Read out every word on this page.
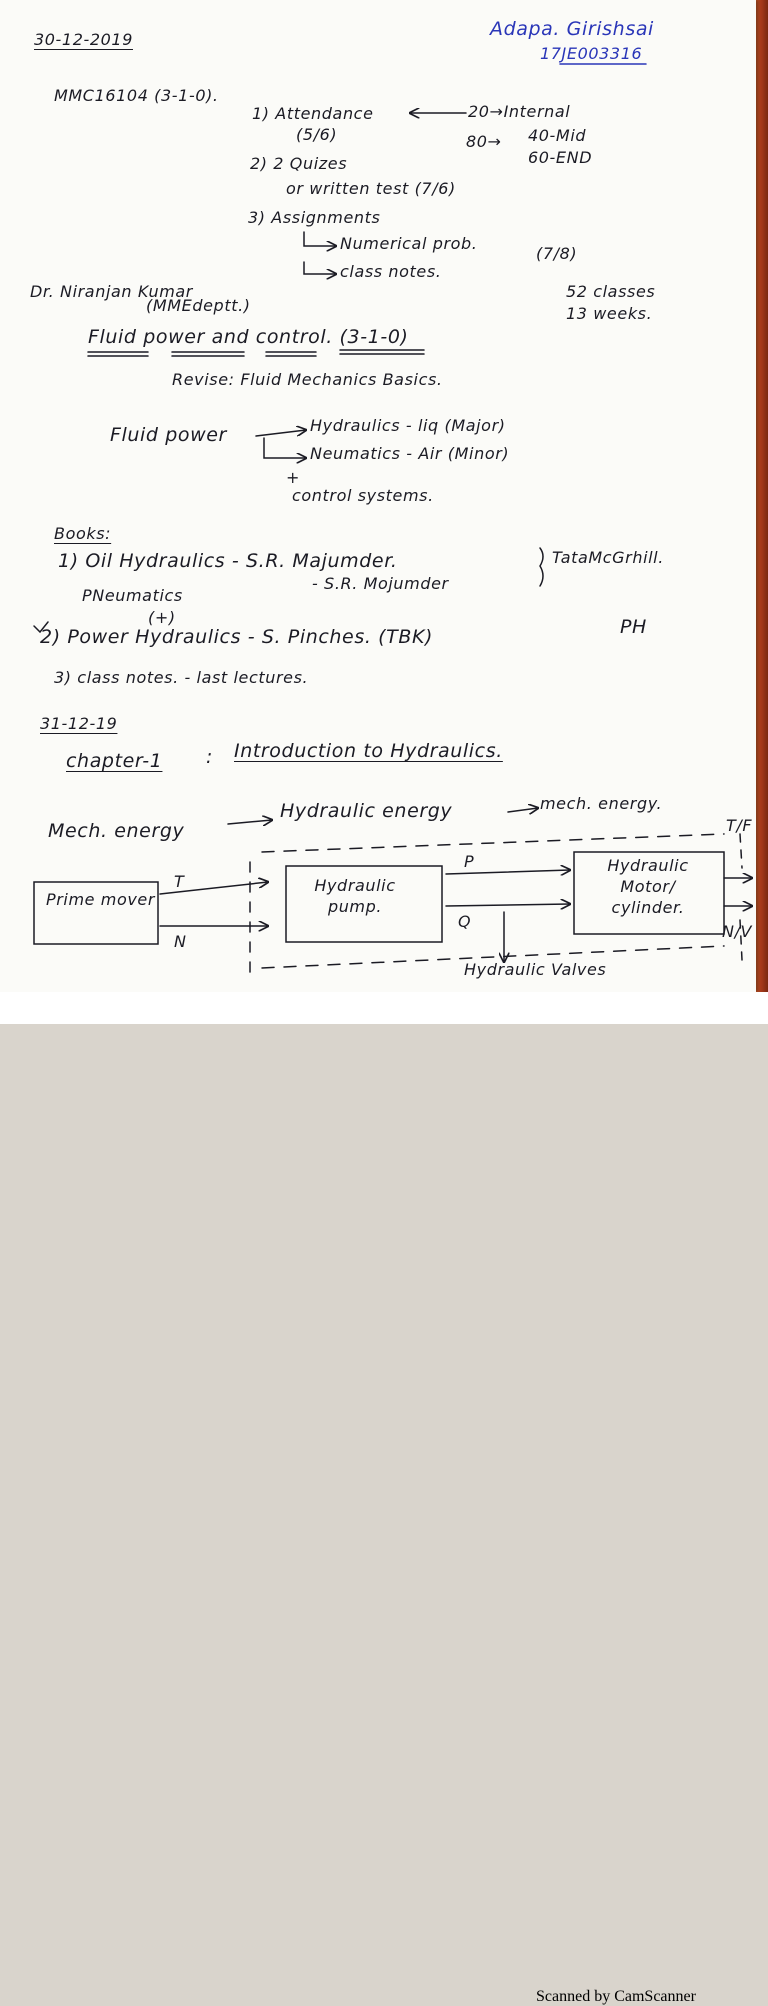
30-12-2019	Adapa. Girishsai
17JE003316
MMC16104 (3-1-0).
1) Attendance
(5/6)
20→Internal
80→ 40-Mid
60-END
2) 2 Quizes
or written test (7/6)
3) Assignments
Numerical prob.
(7/8)
class notes.
Dr. Niranjan Kumar
(MMEdeptt.)
52 classes
13 weeks.
Fluid power and control. (3-1-0)
Revise: Fluid Mechanics Basics.
Fluid power	Hydraulics - liq (Major)
Neumatics - Air (Minor)
+
control systems.
Books:
1) Oil Hydraulics - S.R. Majumder.
PNeumatics
(+)
- S.R. Mojumder
TataMcGrhill.
2) Power Hydraulics - S. Pinches. (TBK)	PH
3) class notes. - last lectures.
31-12-19
chapter-1 : Introduction to Hydraulics.
Mech. energy
Hydraulic energy	mech. energy.
T/F
Prime mover
Hydraulic pump.
Hydraulic Motor/ cylinder.
T
N
P
Q
N/V
Hydraulic Valves
Scanned by CamScanner
